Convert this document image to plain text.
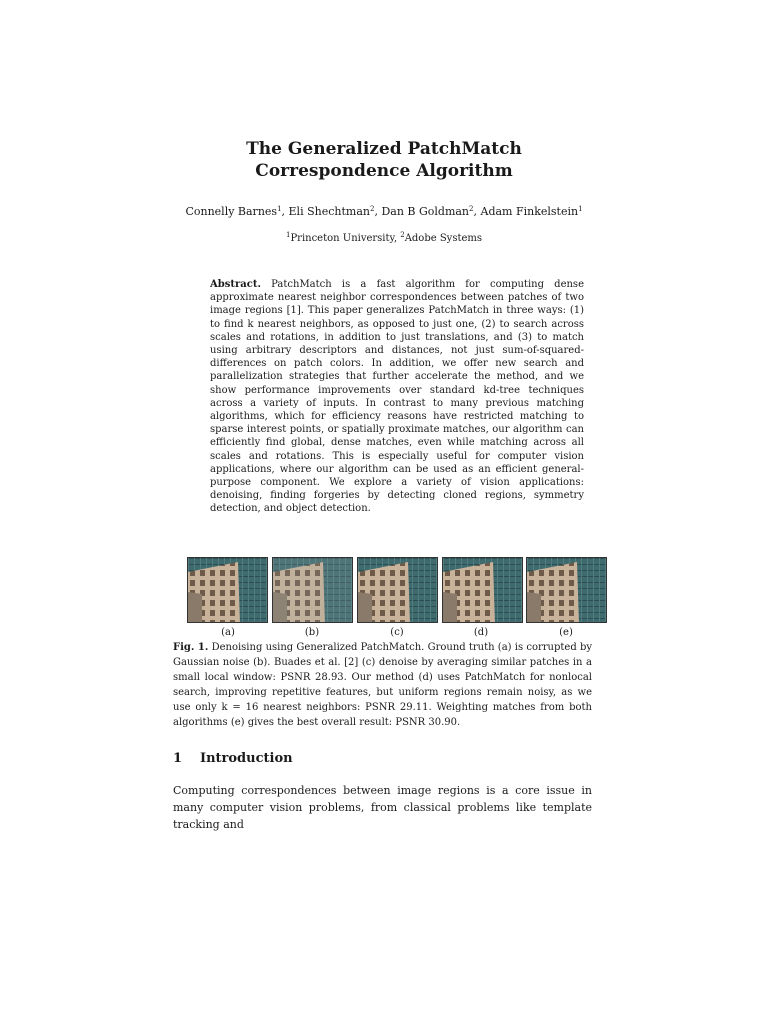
The Generalized PatchMatch
Correspondence Algorithm
Connelly Barnes$^1$, Eli Shechtman$^2$, Dan B Goldman$^2$, Adam Finkelstein$^1$
$^1$Princeton University, $^2$Adobe Systems
Abstract. PatchMatch is a fast algorithm for computing dense approximate nearest neighbor correspondences between patches of two image regions [1]. This paper generalizes PatchMatch in three ways: (1) to find k nearest neighbors, as opposed to just one, (2) to search across scales and rotations, in addition to just translations, and (3) to match using arbitrary descriptors and distances, not just sum-of-squared-differences on patch colors. In addition, we offer new search and parallelization strategies that further accelerate the method, and we show performance improvements over standard kd-tree techniques across a variety of inputs. In contrast to many previous matching algorithms, which for efficiency reasons have restricted matching to sparse interest points, or spatially proximate matches, our algorithm can efficiently find global, dense matches, even while matching across all scales and rotations. This is especially useful for computer vision applications, where our algorithm can be used as an efficient general-purpose component. We explore a variety of vision applications: denoising, finding forgeries by detecting cloned regions, symmetry detection, and object detection.
(a)	(b)	(c)	(d)	(e)
Fig. 1. Denoising using Generalized PatchMatch. Ground truth (a) is corrupted by Gaussian noise (b). Buades et al. [2] (c) denoise by averaging similar patches in a small local window: PSNR 28.93. Our method (d) uses PatchMatch for nonlocal search, improving repetitive features, but uniform regions remain noisy, as we use only k = 16 nearest neighbors: PSNR 29.11. Weighting matches from both algorithms (e) gives the best overall result: PSNR 30.90.
1 Introduction
Computing correspondences between image regions is a core issue in many computer vision problems, from classical problems like template tracking and
